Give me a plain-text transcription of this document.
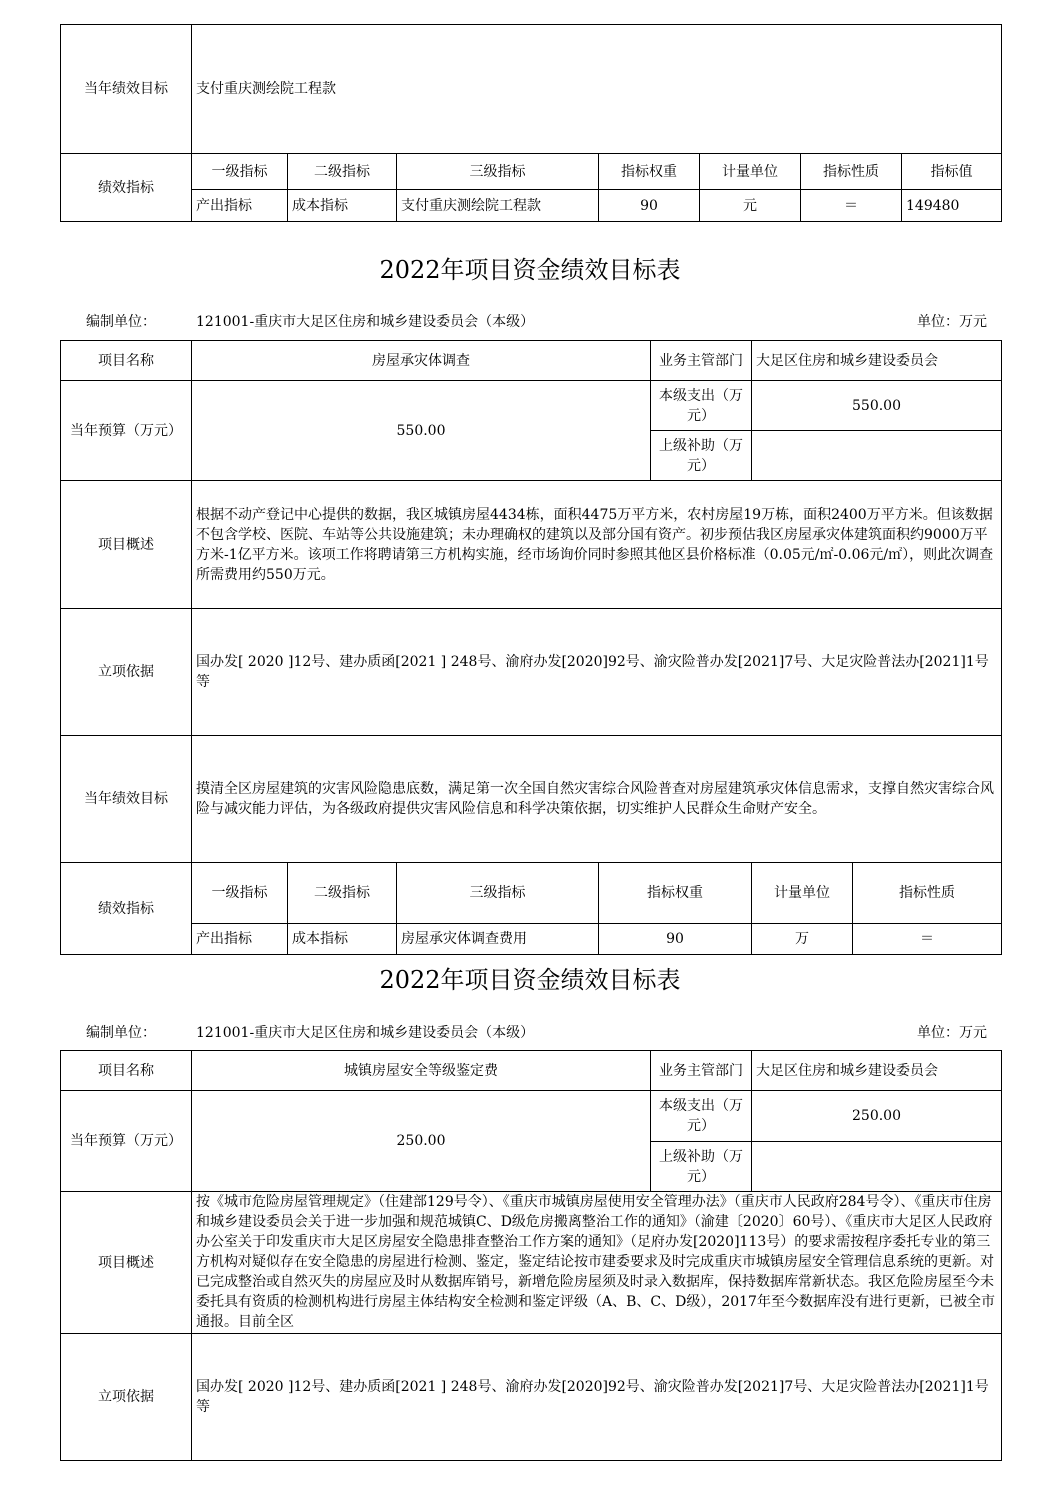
当年绩效目标	支付重庆测绘院工程款						
绩效指标	一级指标	二级指标	三级指标	指标权重	计量单位	指标性质	指标值
	产出指标	成本指标	支付重庆测绘院工程款	90	元	＝	149480
2022年项目资金绩效目标表
编制单位：	121001-重庆市大足区住房和城乡建设委员会（本级）	单位：万元
项目名称	房屋承灾体调查				业务主管部门	大足区住房和城乡建设委员会		
当年预算（万元）	550.00				本级支出（万元）	550.00		
					上级补助（万元）			
项目概述	根据不动产登记中心提供的数据，我区城镇房屋4434栋，面积4475万平方米，农村房屋19万栋，面积2400万平方米。但该数据不包含学校、医院、车站等公共设施建筑；未办理确权的建筑以及部分国有资产。初步预估我区房屋承灾体建筑面积约9000万平方米-1亿平方米。该项工作将聘请第三方机构实施，经市场询价同时参照其他区县价格标准（0.05元/㎡-0.06元/㎡），则此次调查所需费用约550万元。							
立项依据	国办发[ 2020 ]12号、建办质函[2021 ] 248号、渝府办发[2020]92号、渝灾险普办发[2021]7号、大足灾险普法办[2021]1号等							
当年绩效目标	摸清全区房屋建筑的灾害风险隐患底数，满足第一次全国自然灾害综合风险普查对房屋建筑承灾体信息需求，支撑自然灾害综合风险与减灾能力评估，为各级政府提供灾害风险信息和科学决策依据，切实维护人民群众生命财产安全。							
绩效指标	一级指标	二级指标	三级指标	指标权重		计量单位	指标性质	
	产出指标	成本指标	房屋承灾体调查费用	90		万	＝	
2022年项目资金绩效目标表
编制单位：	121001-重庆市大足区住房和城乡建设委员会（本级）	单位：万元
项目名称	城镇房屋安全等级鉴定费	业务主管部门	大足区住房和城乡建设委员会
当年预算（万元）	250.00	本级支出（万元）	250.00
		上级补助（万元）	
项目概述	按《城市危险房屋管理规定》（住建部129号令）、《重庆市城镇房屋使用安全管理办法》（重庆市人民政府284号令）、《重庆市住房和城乡建设委员会关于进一步加强和规范城镇C、D级危房搬离整治工作的通知》（渝建〔2020〕60号）、《重庆市大足区人民政府办公室关于印发重庆市大足区房屋安全隐患排查整治工作方案的通知》（足府办发[2020]113号）的要求需按程序委托专业的第三方机构对疑似存在安全隐患的房屋进行检测、鉴定，鉴定结论按市建委要求及时完成重庆市城镇房屋安全管理信息系统的更新。对已完成整治或自然灭失的房屋应及时从数据库销号，新增危险房屋须及时录入数据库，保持数据库常新状态。我区危险房屋至今未委托具有资质的检测机构进行房屋主体结构安全检测和鉴定评级（A、B、C、D级），2017年至今数据库没有进行更新，已被全市通报。目前全区		

立项依据	国办发[ 2020 ]12号、建办质函[2021 ] 248号、渝府办发[2020]92号、渝灾险普办发[2021]7号、大足灾险普法办[2021]1号等		
